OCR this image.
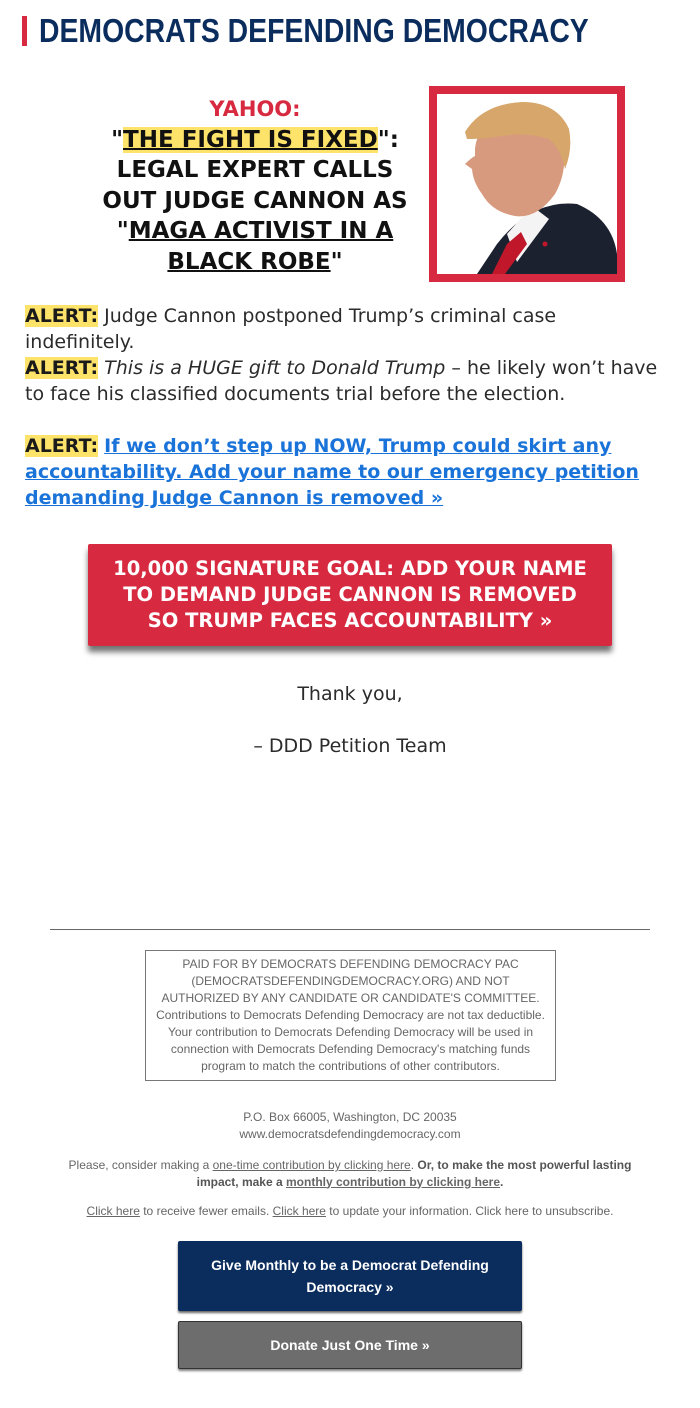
DEMOCRATS DEFENDING DEMOCRACY
YAHOO:
"THE FIGHT IS FIXED":
LEGAL EXPERT CALLS OUT JUDGE CANNON AS "MAGA ACTIVIST IN A BLACK ROBE"
ALERT: Judge Cannon postponed Trump’s criminal case indefinitely.
ALERT: This is a HUGE gift to Donald Trump – he likely won’t have to face his classified documents trial before the election.
ALERT: If we don’t step up NOW, Trump could skirt any accountability. Add your name to our emergency petition demanding Judge Cannon is removed »
10,000 SIGNATURE GOAL: ADD YOUR NAME TO DEMAND JUDGE CANNON IS REMOVED SO TRUMP FACES ACCOUNTABILITY »
Thank you,
– DDD Petition Team
PAID FOR BY DEMOCRATS DEFENDING DEMOCRACY PAC (DEMOCRATSDEFENDINGDEMOCRACY.ORG) AND NOT AUTHORIZED BY ANY CANDIDATE OR CANDIDATE'S COMMITTEE.
Contributions to Democrats Defending Democracy are not tax deductible.
Your contribution to Democrats Defending Democracy will be used in connection with Democrats Defending Democracy's matching funds program to match the contributions of other contributors.
P.O. Box 66005, Washington, DC 20035
www.democratsdefendingdemocracy.com
Please, consider making a one-time contribution by clicking here. Or, to make the most powerful lasting impact, make a monthly contribution by clicking here.
Click here to receive fewer emails. Click here to update your information. Click here to unsubscribe.
Give Monthly to be a Democrat Defending Democracy »
Donate Just One Time »
